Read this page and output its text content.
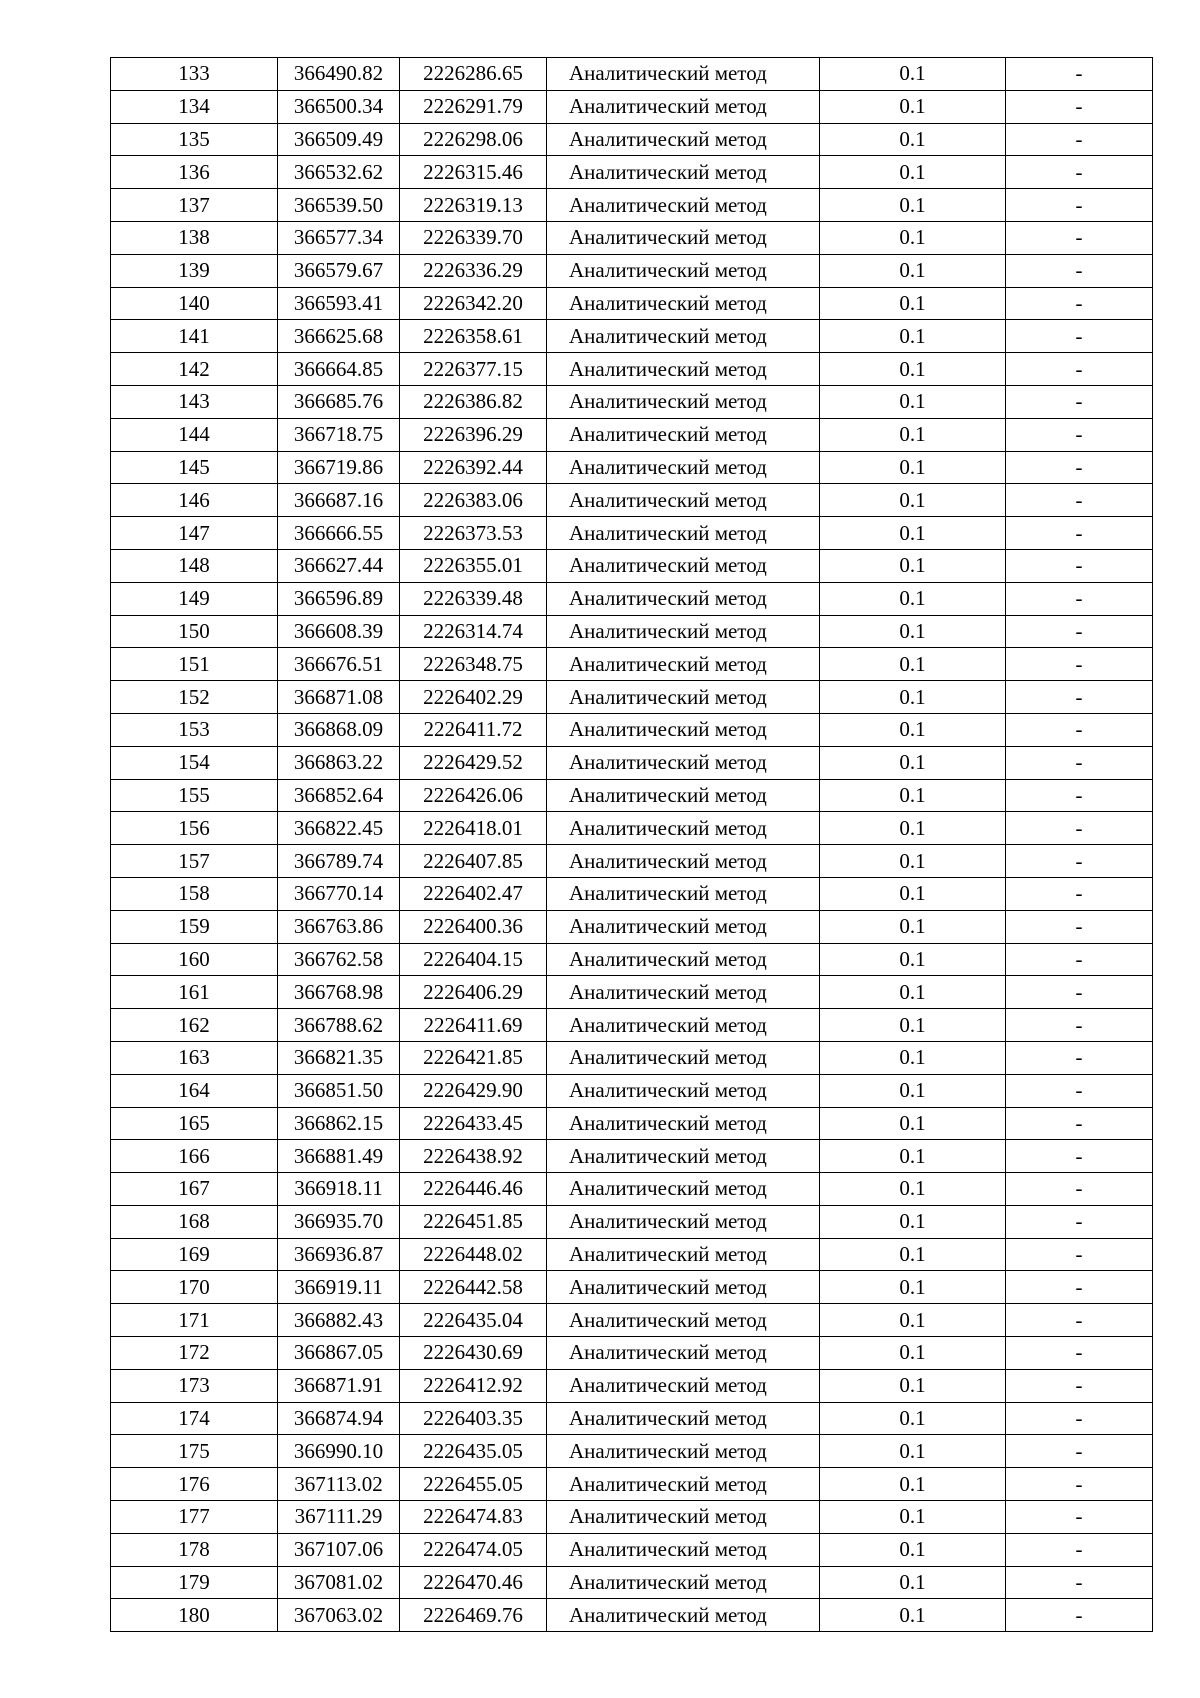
133	366490.82	2226286.65	Аналитический метод	0.1	-
134	366500.34	2226291.79	Аналитический метод	0.1	-
135	366509.49	2226298.06	Аналитический метод	0.1	-
136	366532.62	2226315.46	Аналитический метод	0.1	-
137	366539.50	2226319.13	Аналитический метод	0.1	-
138	366577.34	2226339.70	Аналитический метод	0.1	-
139	366579.67	2226336.29	Аналитический метод	0.1	-
140	366593.41	2226342.20	Аналитический метод	0.1	-
141	366625.68	2226358.61	Аналитический метод	0.1	-
142	366664.85	2226377.15	Аналитический метод	0.1	-
143	366685.76	2226386.82	Аналитический метод	0.1	-
144	366718.75	2226396.29	Аналитический метод	0.1	-
145	366719.86	2226392.44	Аналитический метод	0.1	-
146	366687.16	2226383.06	Аналитический метод	0.1	-
147	366666.55	2226373.53	Аналитический метод	0.1	-
148	366627.44	2226355.01	Аналитический метод	0.1	-
149	366596.89	2226339.48	Аналитический метод	0.1	-
150	366608.39	2226314.74	Аналитический метод	0.1	-
151	366676.51	2226348.75	Аналитический метод	0.1	-
152	366871.08	2226402.29	Аналитический метод	0.1	-
153	366868.09	2226411.72	Аналитический метод	0.1	-
154	366863.22	2226429.52	Аналитический метод	0.1	-
155	366852.64	2226426.06	Аналитический метод	0.1	-
156	366822.45	2226418.01	Аналитический метод	0.1	-
157	366789.74	2226407.85	Аналитический метод	0.1	-
158	366770.14	2226402.47	Аналитический метод	0.1	-
159	366763.86	2226400.36	Аналитический метод	0.1	-
160	366762.58	2226404.15	Аналитический метод	0.1	-
161	366768.98	2226406.29	Аналитический метод	0.1	-
162	366788.62	2226411.69	Аналитический метод	0.1	-
163	366821.35	2226421.85	Аналитический метод	0.1	-
164	366851.50	2226429.90	Аналитический метод	0.1	-
165	366862.15	2226433.45	Аналитический метод	0.1	-
166	366881.49	2226438.92	Аналитический метод	0.1	-
167	366918.11	2226446.46	Аналитический метод	0.1	-
168	366935.70	2226451.85	Аналитический метод	0.1	-
169	366936.87	2226448.02	Аналитический метод	0.1	-
170	366919.11	2226442.58	Аналитический метод	0.1	-
171	366882.43	2226435.04	Аналитический метод	0.1	-
172	366867.05	2226430.69	Аналитический метод	0.1	-
173	366871.91	2226412.92	Аналитический метод	0.1	-
174	366874.94	2226403.35	Аналитический метод	0.1	-
175	366990.10	2226435.05	Аналитический метод	0.1	-
176	367113.02	2226455.05	Аналитический метод	0.1	-
177	367111.29	2226474.83	Аналитический метод	0.1	-
178	367107.06	2226474.05	Аналитический метод	0.1	-
179	367081.02	2226470.46	Аналитический метод	0.1	-
180	367063.02	2226469.76	Аналитический метод	0.1	-
